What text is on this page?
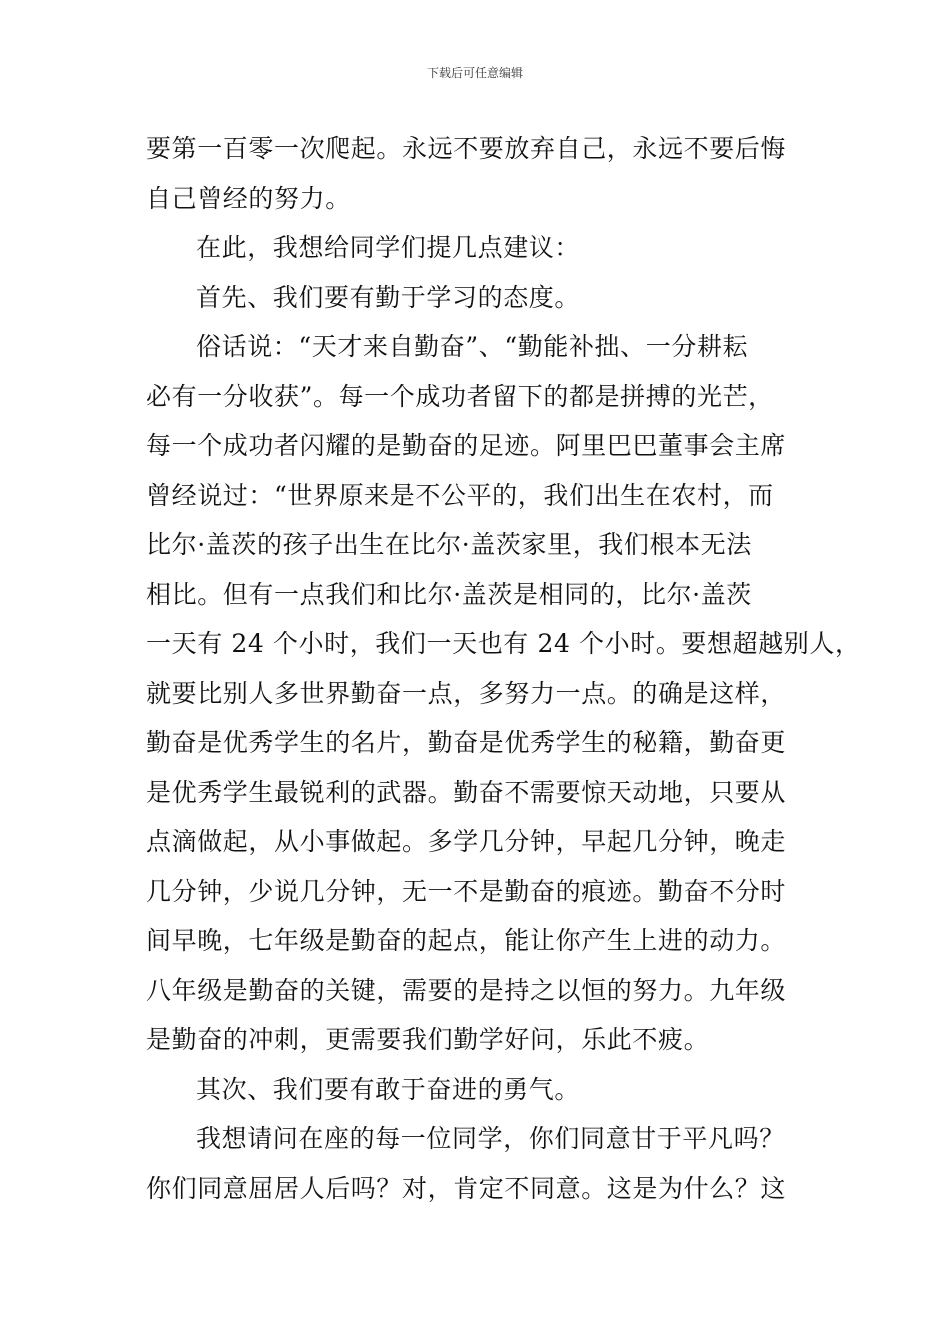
下载后可任意编辑
要第一百零一次爬起。永远不要放弃自己，永远不要后悔
自己曾经的努力。
在此，我想给同学们提几点建议：
首先、我们要有勤于学习的态度。
俗话说：“天才来自勤奋”、“勤能补拙、一分耕耘
必有一分收获”。每一个成功者留下的都是拼搏的光芒，
每一个成功者闪耀的是勤奋的足迹。阿里巴巴董事会主席
曾经说过：“世界原来是不公平的，我们出生在农村，而
比尔·盖茨的孩子出生在比尔·盖茨家里，我们根本无法
相比。但有一点我们和比尔·盖茨是相同的，比尔·盖茨
一天有 24 个小时，我们一天也有 24 个小时。要想超越别人，
就要比别人多世界勤奋一点，多努力一点。的确是这样，
勤奋是优秀学生的名片，勤奋是优秀学生的秘籍，勤奋更
是优秀学生最锐利的武器。勤奋不需要惊天动地，只要从
点滴做起，从小事做起。多学几分钟，早起几分钟，晚走
几分钟，少说几分钟，无一不是勤奋的痕迹。勤奋不分时
间早晚，七年级是勤奋的起点，能让你产生上进的动力。
八年级是勤奋的关键，需要的是持之以恒的努力。九年级
是勤奋的冲刺，更需要我们勤学好问，乐此不疲。
其次、我们要有敢于奋进的勇气。
我想请问在座的每一位同学，你们同意甘于平凡吗？
你们同意屈居人后吗？对，肯定不同意。这是为什么？这
